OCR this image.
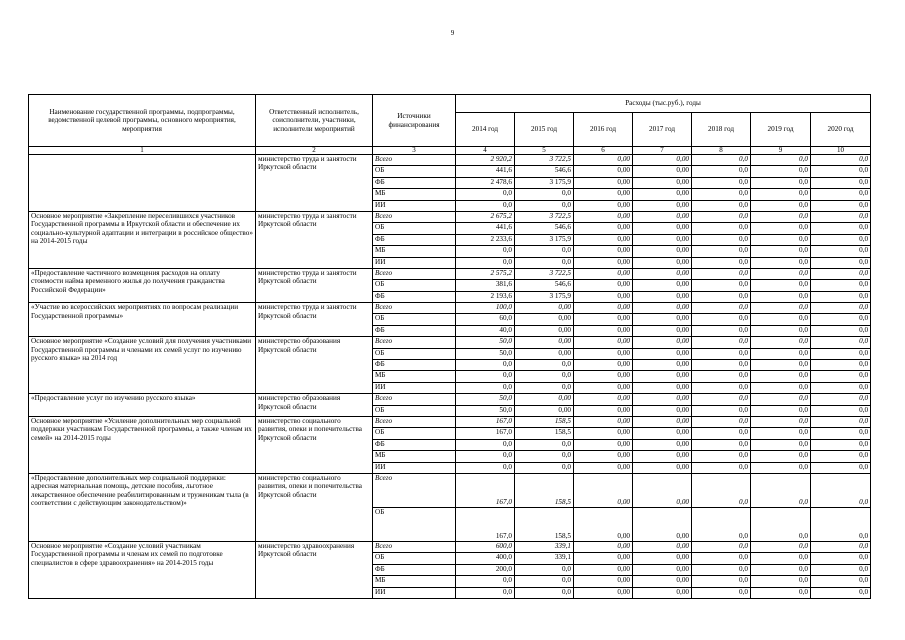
9
Наименование государственной программы, подпрограммы, ведомственной целевой программы, основного мероприятия, мероприятия	Ответственный исполнитель, соисполнители, участники, исполнители мероприятий	Источники финансирования	Расходы (тыс.руб.), годы						
			2014 год	2015 год	2016 год	2017 год	2018 год	2019 год	2020 год
1	2	3	4	5	6	7	8	9	10
	министерство труда и занятости Иркутской области	Всего	2 920,2	3 722,5	0,00	0,00	0,0	0,0	0,0
		ОБ	441,6	546,6	0,00	0,00	0,0	0,0	0,0
		ФБ	2 478,6	3 175,9	0,00	0,00	0,0	0,0	0,0
		МБ	0,0	0,0	0,00	0,00	0,0	0,0	0,0
		ИИ	0,0	0,0	0,00	0,00	0,0	0,0	0,0
Основное мероприятие «Закрепление переселившихся участников Государственной программы в Иркутской области и обеспечение их социально-культурной адаптации и интеграции в российское общество» на 2014-2015 годы	министерство труда и занятости Иркутской области	Всего	2 675,2	3 722,5	0,00	0,00	0,0	0,0	0,0
		ОБ	441,6	546,6	0,00	0,00	0,0	0,0	0,0
		ФБ	2 233,6	3 175,9	0,00	0,00	0,0	0,0	0,0
		МБ	0,0	0,0	0,00	0,00	0,0	0,0	0,0
		ИИ	0,0	0,0	0,00	0,00	0,0	0,0	0,0
«Предоставление частичного возмещения расходов на оплату стоимости найма временного жилья до получения гражданства Российской Федерации»	министерство труда и занятости Иркутской области	Всего	2 575,2	3 722,5	0,00	0,00	0,0	0,0	0,0
		ОБ	381,6	546,6	0,00	0,00	0,0	0,0	0,0
		ФБ	2 193,6	3 175,9	0,00	0,00	0,0	0,0	0,0
«Участие во всероссийских мероприятиях по вопросам реализации Государственной программы»	министерство труда и занятости Иркутской области	Всего	100,0	0,00	0,00	0,00	0,0	0,0	0,0
		ОБ	60,0	0,00	0,00	0,00	0,0	0,0	0,0
		ФБ	40,0	0,00	0,00	0,00	0,0	0,0	0,0
Основное мероприятие «Создание условий для получения участниками Государственной программы и членами их семей услуг по изучению русского языка» на 2014 год	министерство образования Иркутской области	Всего	50,0	0,00	0,00	0,00	0,0	0,0	0,0
		ОБ	50,0	0,00	0,00	0,00	0,0	0,0	0,0
		ФБ	0,0	0,0	0,00	0,00	0,0	0,0	0,0
		МБ	0,0	0,0	0,00	0,00	0,0	0,0	0,0
		ИИ	0,0	0,0	0,00	0,00	0,0	0,0	0,0
«Предоставление услуг по изучению русского языка»	министерство образования Иркутской области	Всего	50,0	0,00	0,00	0,00	0,0	0,0	0,0
		ОБ	50,0	0,00	0,00	0,00	0,0	0,0	0,0
Основное мероприятие «Усиление дополнительных мер социальной поддержки участникам Государственной программы, а также членам их семей» на 2014-2015 годы	министерство социального развития, опеки и попечительства Иркутской области	Всего	167,0	158,5	0,00	0,00	0,0	0,0	0,0
		ОБ	167,0	158,5	0,00	0,00	0,0	0,0	0,0
		ФБ	0,0	0,0	0,00	0,00	0,0	0,0	0,0
		МБ	0,0	0,0	0,00	0,00	0,0	0,0	0,0
		ИИ	0,0	0,0	0,00	0,00	0,0	0,0	0,0
«Предоставление дополнительных мер социальной поддержки: адресная материальная помощь, детские пособия, льготное лекарственное обеспечение реабилитированным и труженикам тыла (в соответствии с действующим законодательством)»	министерство социального развития, опеки и попечительства Иркутской области	Всего	167,0	158,5	0,00	0,00	0,0	0,0	0,0
		ОБ	167,0	158,5	0,00	0,00	0,0	0,0	0,0
Основное мероприятие «Создание условий участникам Государственной программы и членам их семей по подготовке специалистов в сфере здравоохранения» на 2014-2015 годы	министерство здравоохранения Иркутской области	Всего	600,0	339,1	0,00	0,00	0,0	0,0	0,0
		ОБ	400,0	339,1	0,00	0,00	0,0	0,0	0,0
		ФБ	200,0	0,0	0,00	0,00	0,0	0,0	0,0
		МБ	0,0	0,0	0,00	0,00	0,0	0,0	0,0
		ИИ	0,0	0,0	0,00	0,00	0,0	0,0	0,0
